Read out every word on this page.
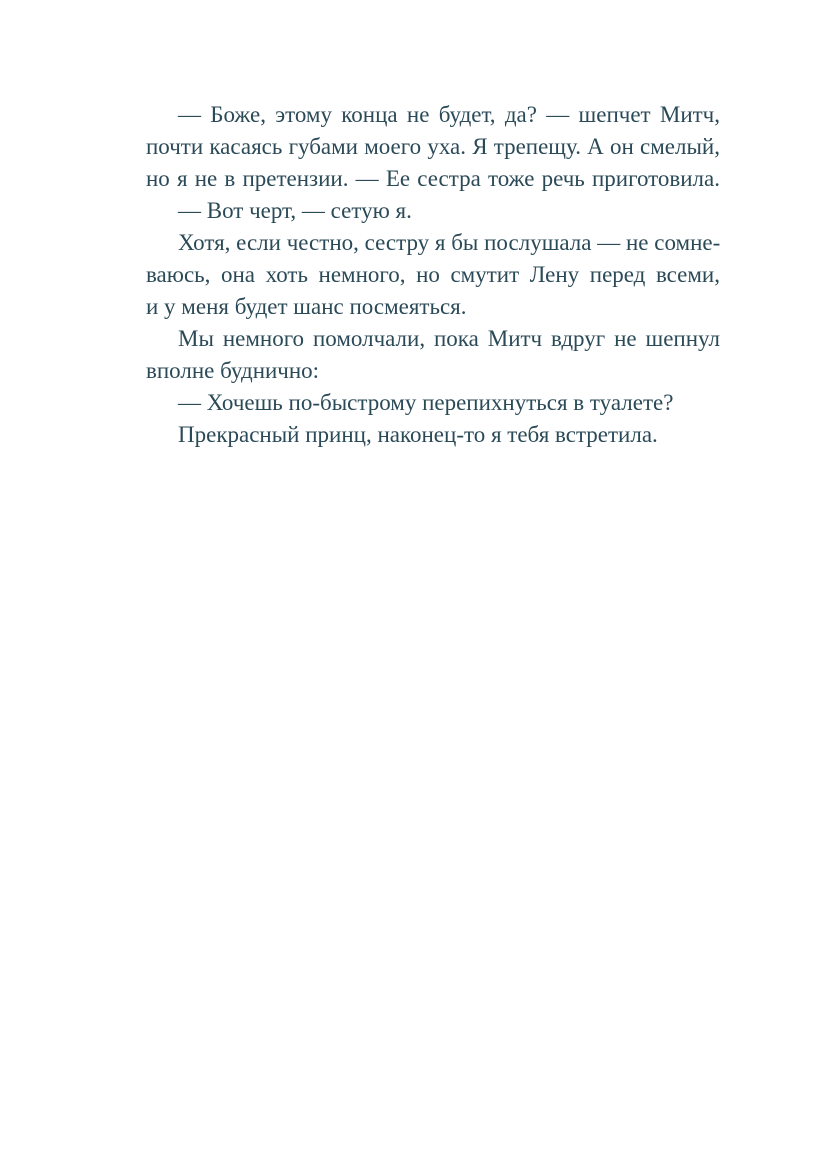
— Боже, этому конца не будет, да? — шепчет Митч,
почти касаясь губами моего уха. Я трепещу. А он смелый,
но я не в претензии. — Ее сестра тоже речь приготовила.
— Вот черт, — сетую я.
Хотя, если честно, сестру я бы послушала — не сомне-
ваюсь, она хоть немного, но смутит Лену перед всеми,
и у меня будет шанс посмеяться.
Мы немного помолчали, пока Митч вдруг не шепнул
вполне буднично:
— Хочешь по-быстрому перепихнуться в туалете?
Прекрасный принц, наконец-то я тебя встретила.
